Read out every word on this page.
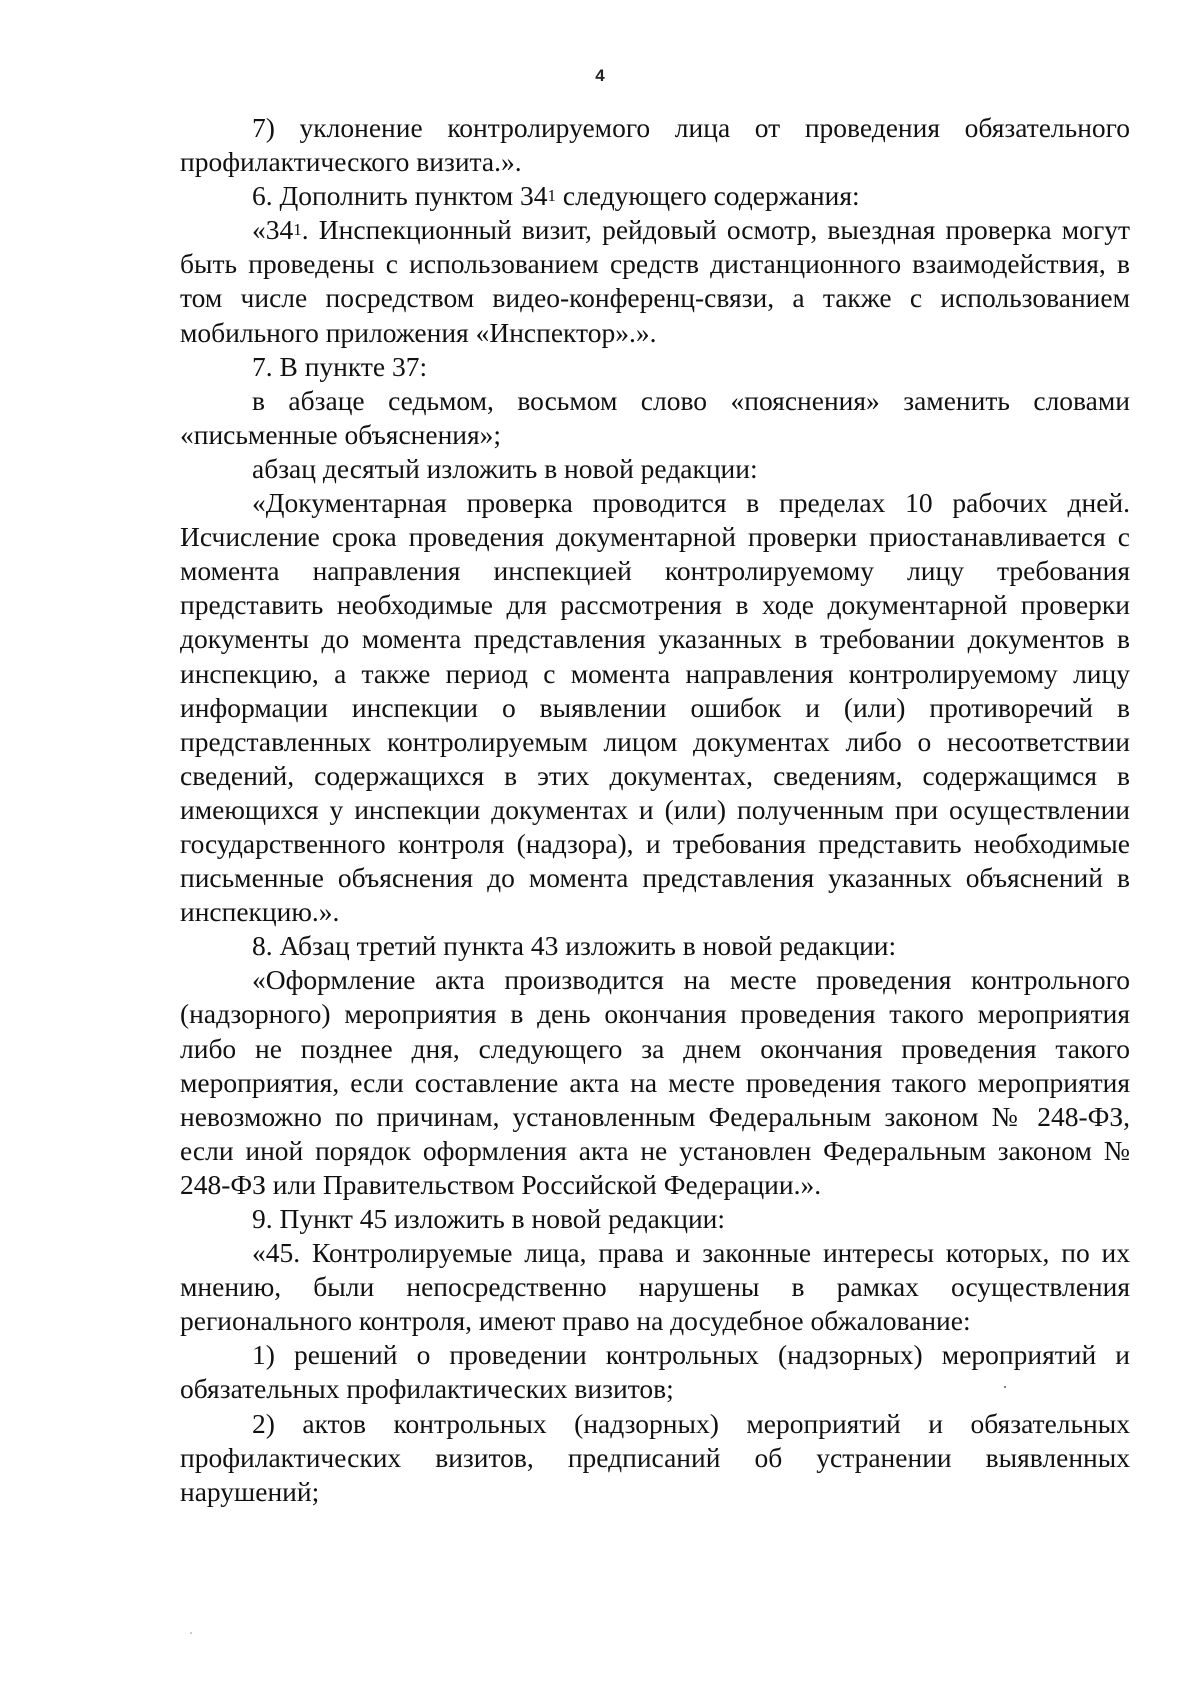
4

7) уклонение контролируемого лица от проведения обязательного профилактического визита.».

6. Дополнить пунктом $34^1$ следующего содержания:

«$34^1$. Инспекционный визит, рейдовый осмотр, выездная проверка могут быть проведены с использованием средств дистанционного взаимодействия, в том числе посредством видео-конференц-связи, а также с использованием мобильного приложения «Инспектор».».

7. В пункте 37:

в абзаце седьмом, восьмом слово «пояснения» заменить словами «письменные объяснения»;

абзац десятый изложить в новой редакции:

«Документарная проверка проводится в пределах 10 рабочих дней. Исчисление срока проведения документарной проверки приостанавливается с момента направления инспекцией контролируемому лицу требования представить необходимые для рассмотрения в ходе документарной проверки документы до момента представления указанных в требовании документов в инспекцию, а также период с момента направления контролируемому лицу информации инспекции о выявлении ошибок и (или) противоречий в представленных контролируемым лицом документах либо о несоответствии сведений, содержащихся в этих документах, сведениям, содержащимся в имеющихся у инспекции документах и (или) полученным при осуществлении государственного контроля (надзора), и требования представить необходимые письменные объяснения до момента представления указанных объяснений в инспекцию.».

8. Абзац третий пункта 43 изложить в новой редакции:

«Оформление акта производится на месте проведения контрольного (надзорного) мероприятия в день окончания проведения такого мероприятия либо не позднее дня, следующего за днем окончания проведения такого мероприятия, если составление акта на месте проведения такого мероприятия невозможно по причинам, установленным Федеральным законом № 248-ФЗ, если иной порядок оформления акта не установлен Федеральным законом № 248-ФЗ или Правительством Российской Федерации.».

9. Пункт 45 изложить в новой редакции:

«45. Контролируемые лица, права и законные интересы которых, по их мнению, были непосредственно нарушены в рамках осуществления регионального контроля, имеют право на досудебное обжалование:

1) решений о проведении контрольных (надзорных) мероприятий и обязательных профилактических визитов;

2) актов контрольных (надзорных) мероприятий и обязательных профилактических визитов, предписаний об устранении выявленных нарушений;
